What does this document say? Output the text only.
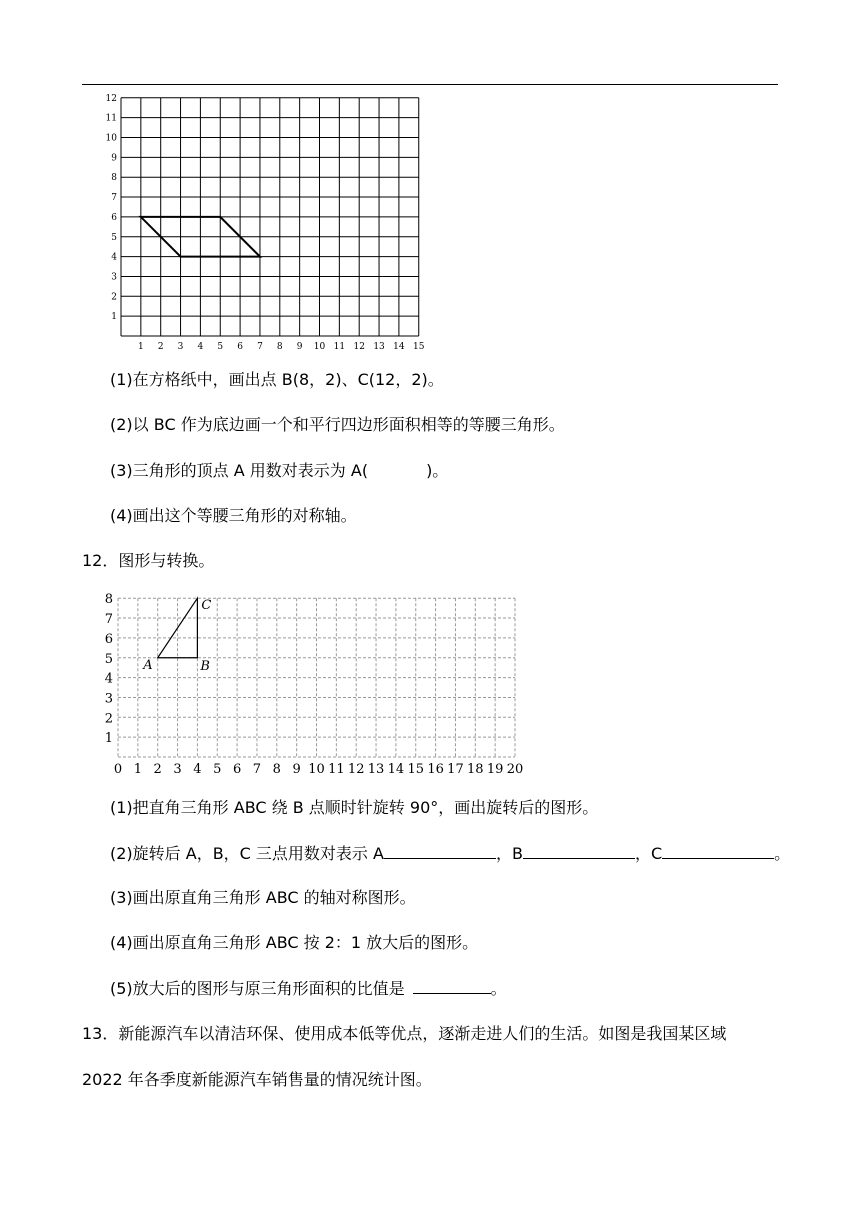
1 2 3 4 5 6 7 8 9 10 11 12 13 14 15
1
2
3
4
5
6
7
8
9
10
11
12
(1)在方格纸中，画出点 B(8，2)、C(12，2)。
(2)以 BC 作为底边画一个和平行四边形面积相等的等腰三角形。
(3)三角形的顶点 A 用数对表示为 A(	)。
(4)画出这个等腰三角形的对称轴。
12．图形与转换。
0 1 2 3 4 5 6 7 8 9 10 11 12 13 14 15 16 17 18 19 20
1
2
3
4
5
6
7
8
A	B
C
(1)把直角三角形 ABC 绕 B 点顺时针旋转 90°，画出旋转后的图形。
(2)旋转后 A，B，C 三点用数对表示 A	，B	，C	。
(3)画出原直角三角形 ABC 的轴对称图形。
(4)画出原直角三角形 ABC 按 2：1 放大后的图形。
(5)放大后的图形与原三角形面积的比值是	。
13．新能源汽车以清洁环保、使用成本低等优点，逐渐走进人们的生活。如图是我国某区域
2022 年各季度新能源汽车销售量的情况统计图。
